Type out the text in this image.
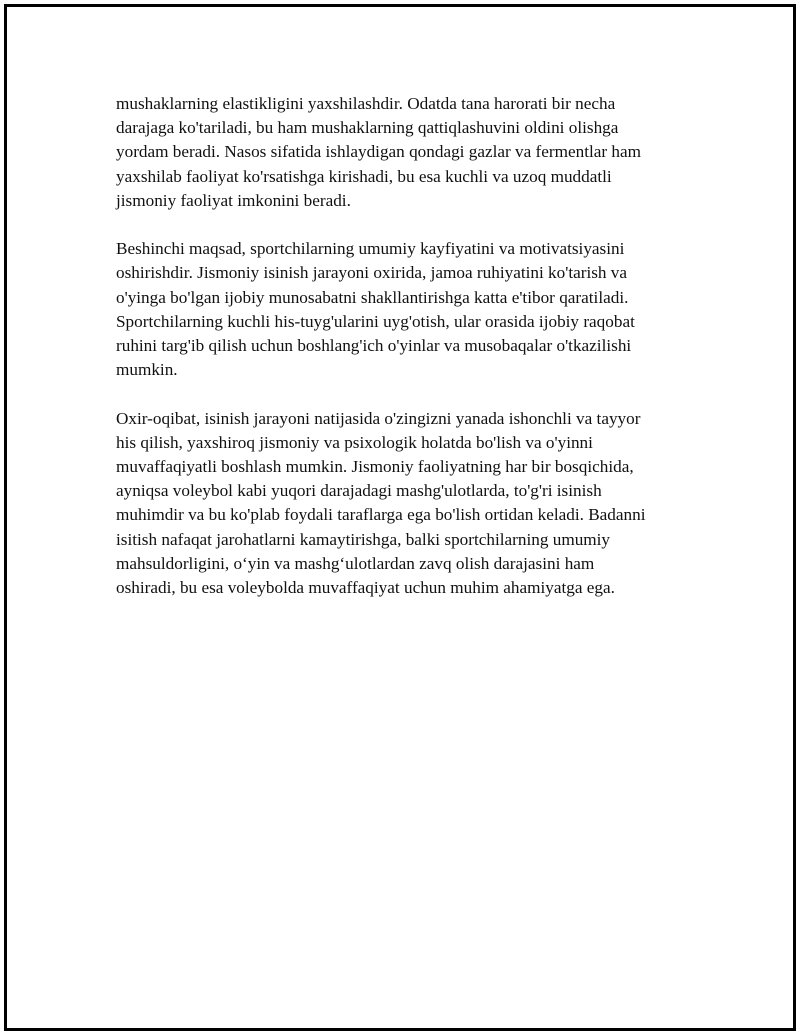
mushaklarning elastikligini yaxshilashdir. Odatda tana harorati bir necha
darajaga ko'tariladi, bu ham mushaklarning qattiqlashuvini oldini olishga
yordam beradi. Nasos sifatida ishlaydigan qondagi gazlar va fermentlar ham
yaxshilab faoliyat ko'rsatishga kirishadi, bu esa kuchli va uzoq muddatli
jismoniy faoliyat imkonini beradi.

Beshinchi maqsad, sportchilarning umumiy kayfiyatini va motivatsiyasini
oshirishdir. Jismoniy isinish jarayoni oxirida, jamoa ruhiyatini ko'tarish va
o'yinga bo'lgan ijobiy munosabatni shakllantirishga katta e'tibor qaratiladi.
Sportchilarning kuchli his-tuyg'ularini uyg'otish, ular orasida ijobiy raqobat
ruhini targ'ib qilish uchun boshlang'ich o'yinlar va musobaqalar o'tkazilishi
mumkin.

Oxir-oqibat, isinish jarayoni natijasida o'zingizni yanada ishonchli va tayyor
his qilish, yaxshiroq jismoniy va psixologik holatda bo'lish va o'yinni
muvaffaqiyatli boshlash mumkin. Jismoniy faoliyatning har bir bosqichida,
ayniqsa voleybol kabi yuqori darajadagi mashg'ulotlarda, to'g'ri isinish
muhimdir va bu ko'plab foydali taraflarga ega bo'lish ortidan keladi. Badanni
isitish nafaqat jarohatlarni kamaytirishga, balki sportchilarning umumiy
mahsuldorligini, o‘yin va mashg‘ulotlardan zavq olish darajasini ham
oshiradi, bu esa voleybolda muvaffaqiyat uchun muhim ahamiyatga ega.
